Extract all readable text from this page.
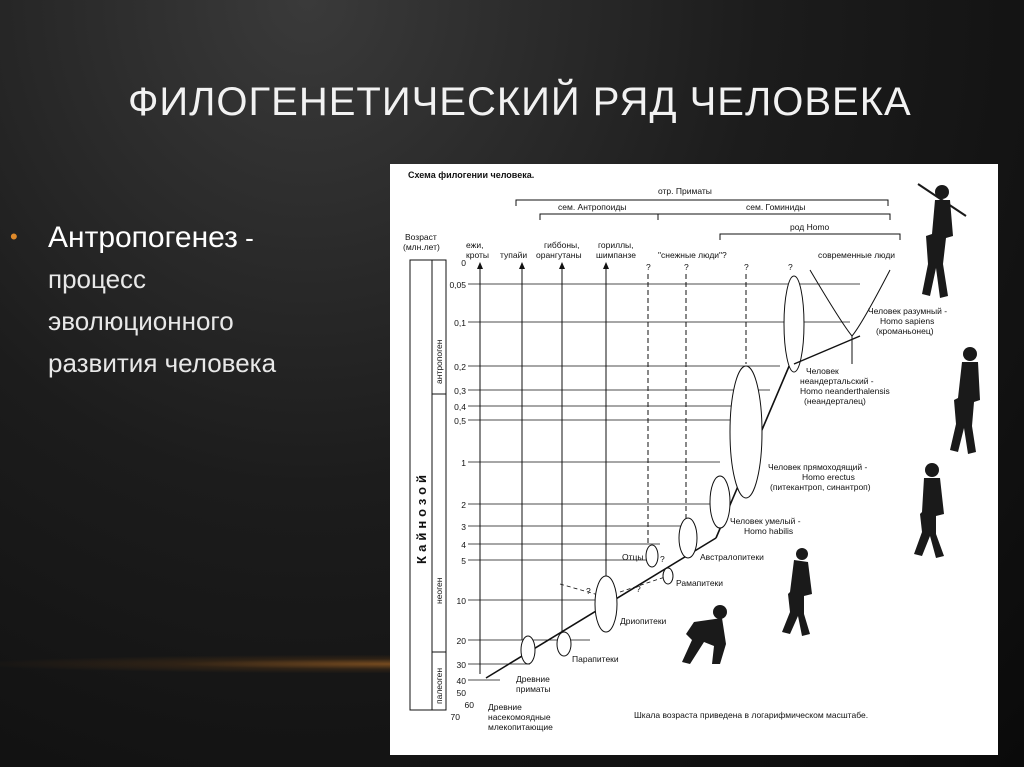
ФИЛОГЕНЕТИЧЕСКИЙ РЯД ЧЕЛОВЕКА
• Антропогенез -
процесс
эволюционного
развития человека
Схема филогении человека.
отр. Приматы
сем. Антропоиды	сем. Гоминиды
род Homo
Возраст
(млн.лет)	ежи,
кроты тупайи
гиббоны,
орангутаны
гориллы,
шимпанзе	"снежные люди"?	современные люди
Кайнозой
антропоген
неоген
палеоген
0
0,05
0,1
0,2
0,3
0,4
0,5
1
2
3
4
5
10
20
30
40
50
60
70
?	?	?	?
?
?
?
Человек разумный -
Homo sapiens
(кроманьонец)
Человек
неандертальский -
Homo neanderthalensis
(неандерталец)
Человек прямоходящий -
Homo erectus
(питекантроп, синантроп)
Человек умелый -
Homo habilis
Австралопитеки
Отцы
Рамапитеки
Дриопитеки
Парапитеки
Древние
приматы
Древние
насекомоядные
млекопитающие
Шкала возраста приведена в логарифмическом масштабе.
